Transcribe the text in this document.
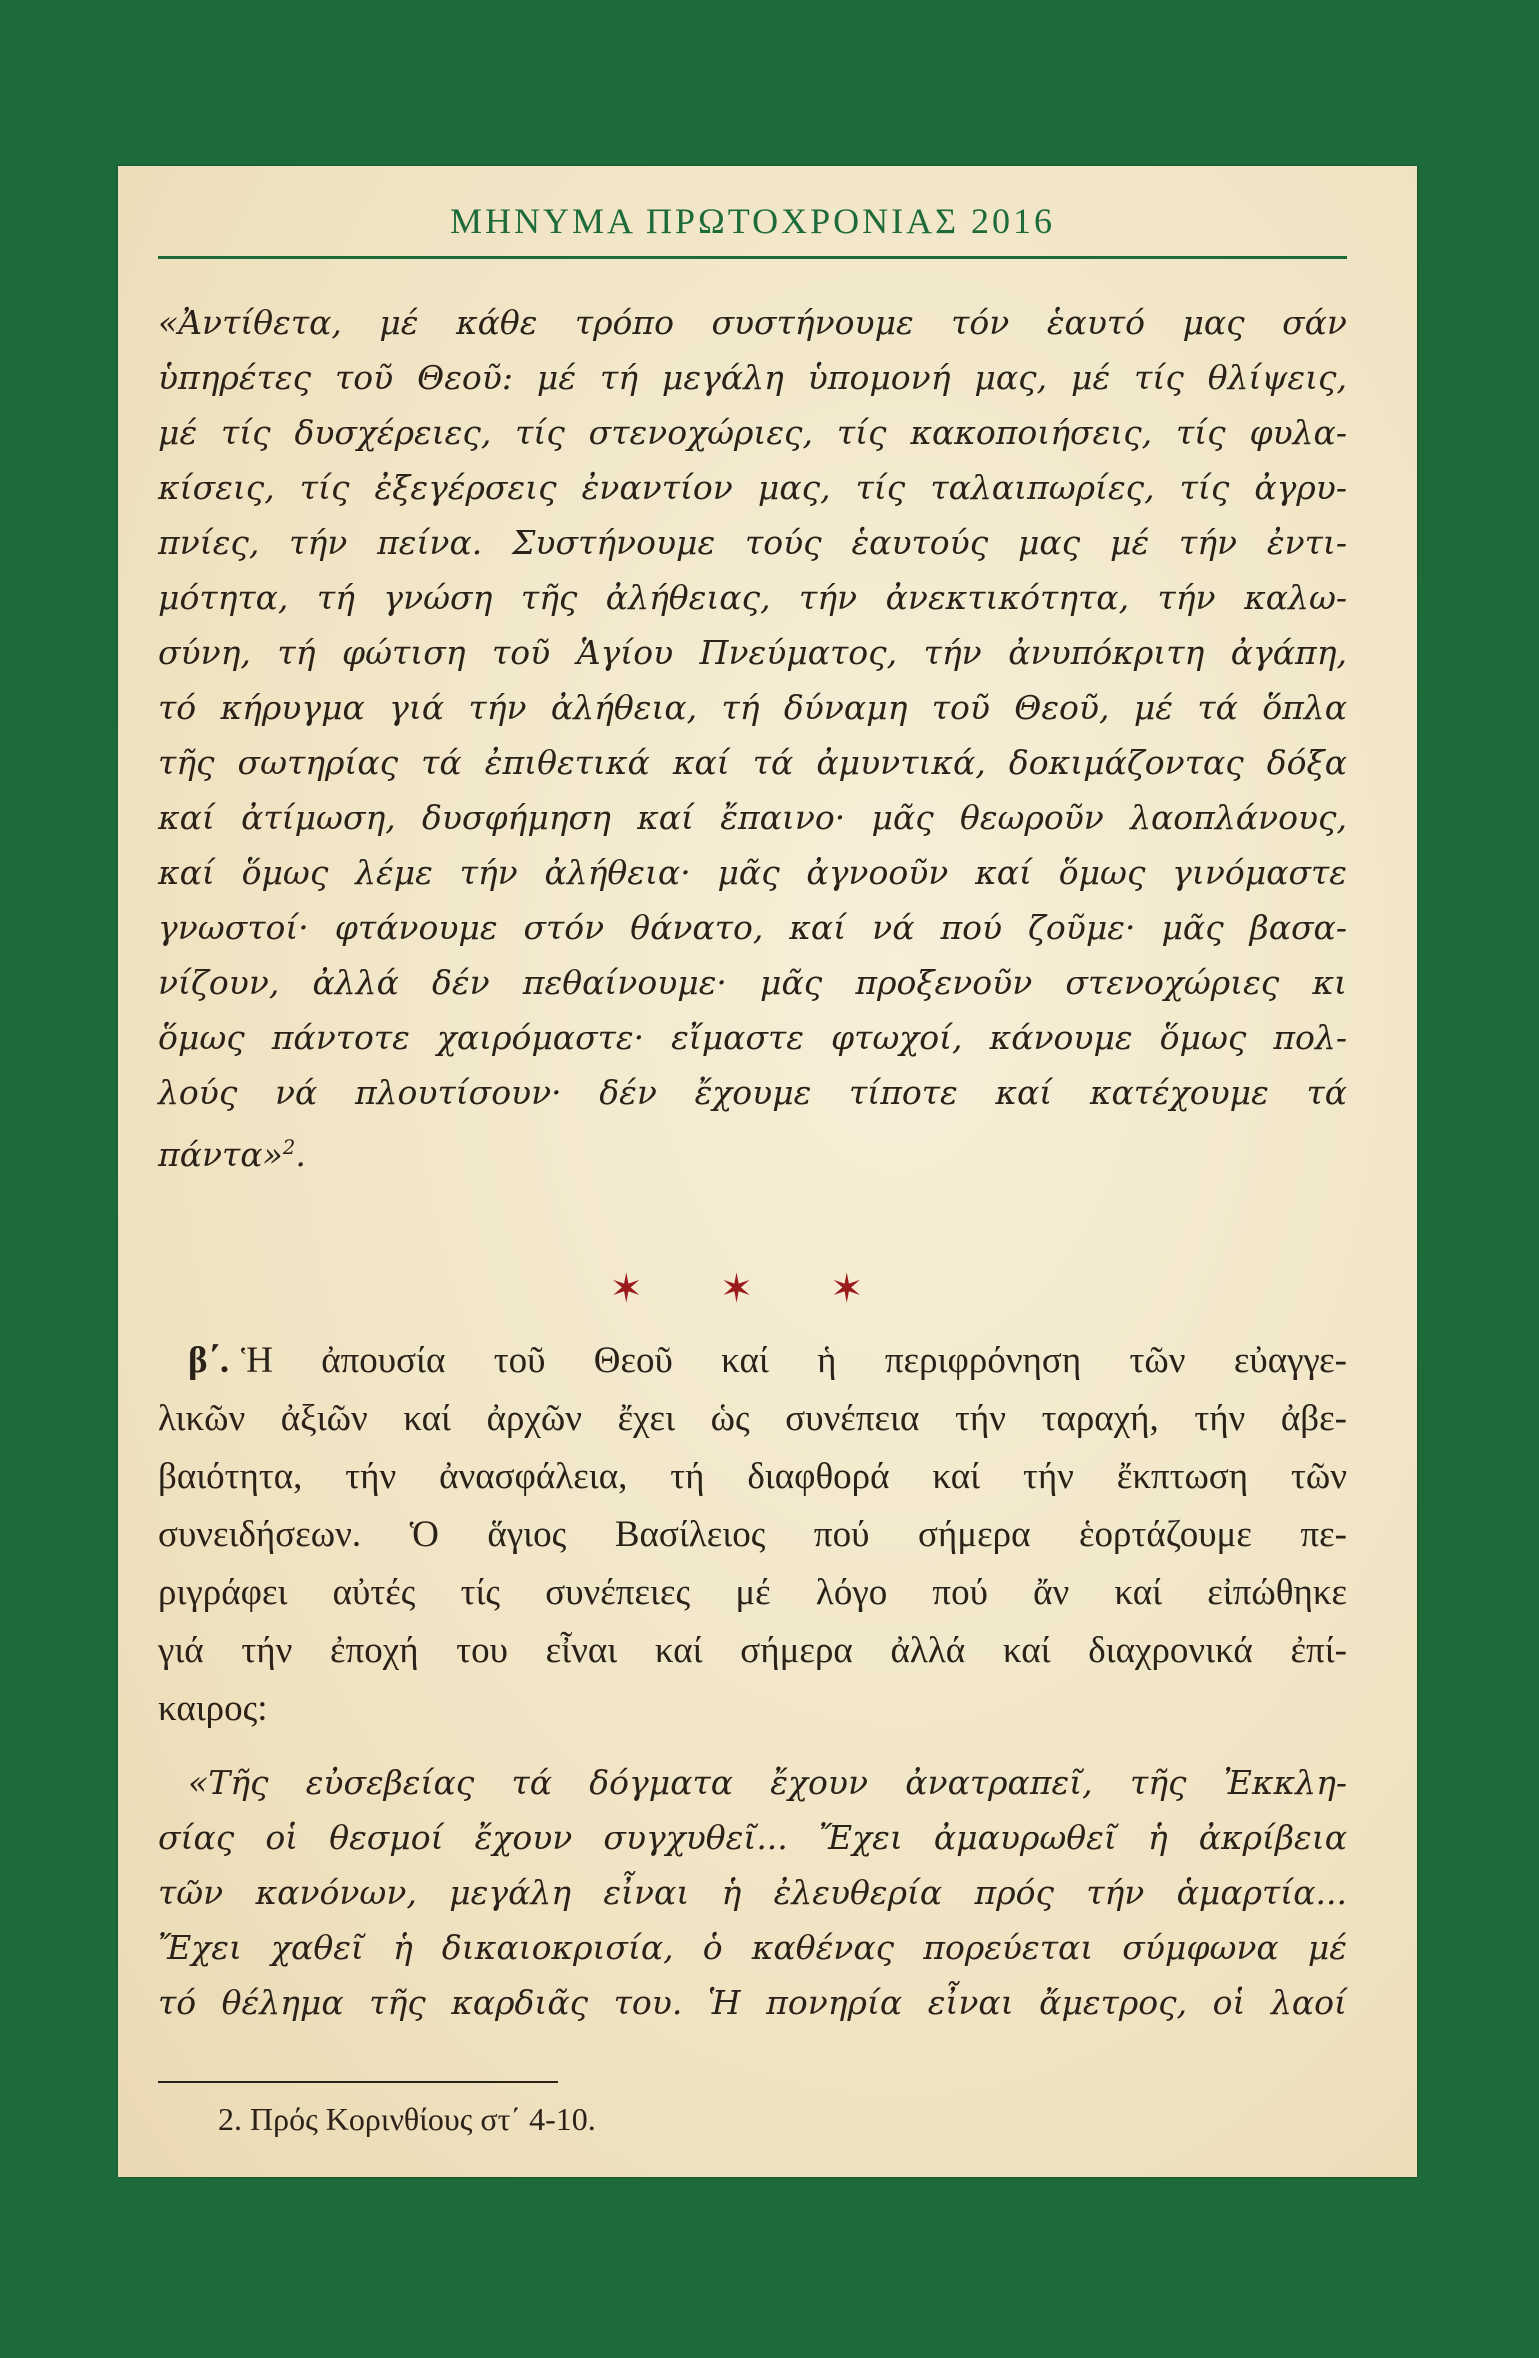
ΜΗΝΥΜΑ ΠΡΩΤΟΧΡΟΝΙΑΣ 2016
«Ἀντίθετα, μέ κάθε τρόπο συστήνουμε τόν ἑαυτό μας σάν
ὑπηρέτες τοῦ Θεοῦ: μέ τή μεγάλη ὑπομονή μας, μέ τίς θλίψεις,
μέ τίς δυσχέρειες, τίς στενοχώριες, τίς κακοποιήσεις, τίς φυλα-
κίσεις, τίς ἐξεγέρσεις ἐναντίον μας, τίς ταλαιπωρίες, τίς ἀγρυ-
πνίες, τήν πείνα. Συστήνουμε τούς ἑαυτούς μας μέ τήν ἐντι-
μότητα, τή γνώση τῆς ἀλήθειας, τήν ἀνεκτικότητα, τήν καλω-
σύνη, τή φώτιση τοῦ Ἁγίου Πνεύματος, τήν ἀνυπόκριτη ἀγάπη,
τό κήρυγμα γιά τήν ἀλήθεια, τή δύναμη τοῦ Θεοῦ, μέ τά ὅπλα
τῆς σωτηρίας τά ἐπιθετικά καί τά ἀμυντικά, δοκιμάζοντας δόξα
καί ἀτίμωση, δυσφήμηση καί ἔπαινο· μᾶς θεωροῦν λαοπλάνους,
καί ὅμως λέμε τήν ἀλήθεια· μᾶς ἀγνοοῦν καί ὅμως γινόμαστε
γνωστοί· φτάνουμε στόν θάνατο, καί νά πού ζοῦμε· μᾶς βασα-
νίζουν, ἀλλά δέν πεθαίνουμε· μᾶς προξενοῦν στενοχώριες κι
ὅμως πάντοτε χαιρόμαστε· εἴμαστε φτωχοί, κάνουμε ὅμως πολ-
λούς νά πλουτίσουν· δέν ἔχουμε τίποτε καί κατέχουμε τά
πάντα»$^2$.
✶ ✶ ✶
β΄. Ἡ ἀπουσία τοῦ Θεοῦ καί ἡ περιφρόνηση τῶν εὐαγγε-
λικῶν ἀξιῶν καί ἀρχῶν ἔχει ὡς συνέπεια τήν ταραχή, τήν ἀβε-
βαιότητα, τήν ἀνασφάλεια, τή διαφθορά καί τήν ἔκπτωση τῶν
συνειδήσεων. Ὁ ἅγιος Βασίλειος πού σήμερα ἑορτάζουμε πε-
ριγράφει αὐτές τίς συνέπειες μέ λόγο πού ἄν καί εἰπώθηκε
γιά τήν ἐποχή του εἶναι καί σήμερα ἀλλά καί διαχρονικά ἐπί-
καιρος:
«Τῆς εὐσεβείας τά δόγματα ἔχουν ἀνατραπεῖ, τῆς Ἐκκλη-
σίας οἱ θεσμοί ἔχουν συγχυθεῖ... Ἔχει ἀμαυρωθεῖ ἡ ἀκρίβεια
τῶν κανόνων, μεγάλη εἶναι ἡ ἐλευθερία πρός τήν ἁμαρτία...
Ἔχει χαθεῖ ἡ δικαιοκρισία, ὁ καθένας πορεύεται σύμφωνα μέ
τό θέλημα τῆς καρδιᾶς του. Ἡ πονηρία εἶναι ἄμετρος, οἱ λαοί
2. Πρός Κορινθίους στ΄ 4-10.
